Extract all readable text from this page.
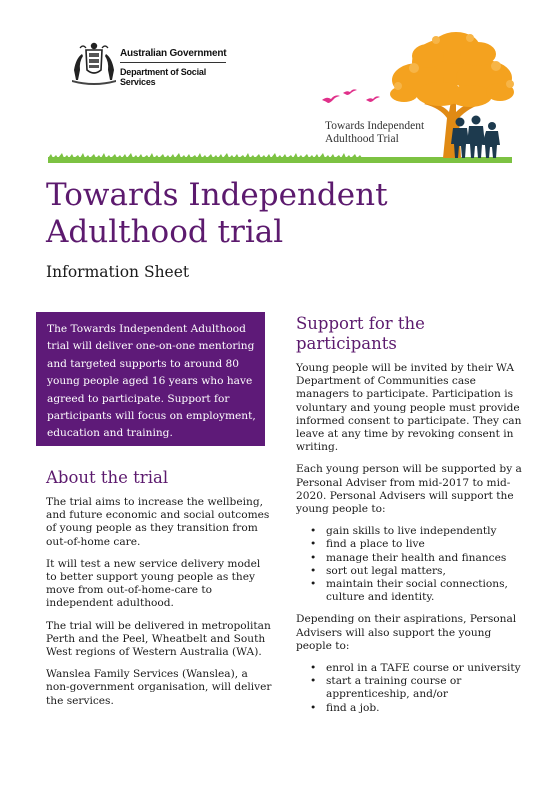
Australian Government
Department of Social Services
Towards Independent
Adulthood Trial
Towards Independent Adulthood trial
Information Sheet
The Towards Independent Adulthood trial will deliver one-on-one mentoring and targeted supports to around 80 young people aged 16 years who have agreed to participate. Support for participants will focus on employment, education and training.
About the trial

The trial aims to increase the wellbeing, and future economic and social outcomes of young people as they transition from out-of-home care.

It will test a new service delivery model to better support young people as they move from out-of-home-care to independent adulthood.

The trial will be delivered in metropolitan Perth and the Peel, Wheatbelt and South West regions of Western Australia (WA).

Wanslea Family Services (Wanslea), a non-government organisation, will deliver the services.

Support for the participants

Young people will be invited by their WA Department of Communities case managers to participate. Participation is voluntary and young people must provide informed consent to participate. They can leave at any time by revoking consent in writing.

Each young person will be supported by a Personal Adviser from mid-2017 to mid-2020. Personal Advisers will support the young people to:

• gain skills to live independently
• find a place to live
• manage their health and finances
• sort out legal matters,
• maintain their social connections, culture and identity.

Depending on their aspirations, Personal Advisers will also support the young people to:

• enrol in a TAFE course or university
• start a training course or apprenticeship, and/or
• find a job.
